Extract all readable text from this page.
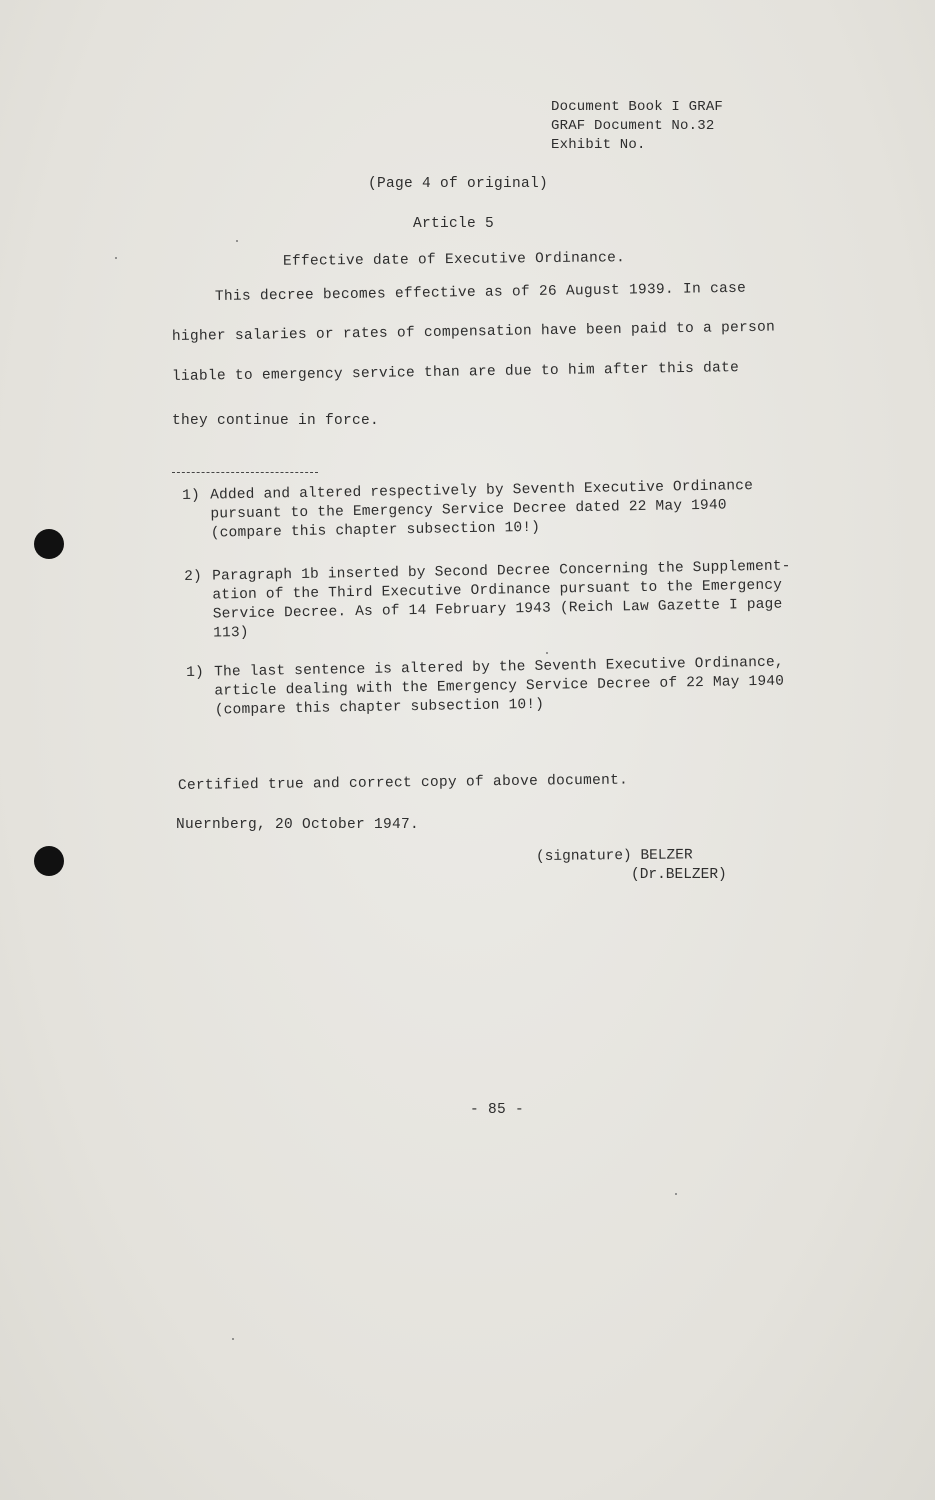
Document Book I GRAF
GRAF Document No.32
Exhibit No.
(Page 4 of original)
Article 5
Effective date of Executive Ordinance.
This decree becomes effective as of 26 August 1939. In case
higher salaries or rates of compensation have been paid to a person
liable to emergency service than are due to him after this date
they continue in force.
1) Added and altered respectively by Seventh Executive Ordinance
pursuant to the Emergency Service Decree dated 22 May 1940
(compare this chapter subsection 10!)
2) Paragraph 1b inserted by Second Decree Concerning the Supplement-
ation of the Third Executive Ordinance pursuant to the Emergency
Service Decree. As of 14 February 1943 (Reich Law Gazette I page
113)
1) The last sentence is altered by the Seventh Executive Ordinance,
article dealing with the Emergency Service Decree of 22 May 1940
(compare this chapter subsection 10!)
Certified true and correct copy of above document.
Nuernberg, 20 October 1947.
(signature) BELZER
(Dr.BELZER)
- 85 -
